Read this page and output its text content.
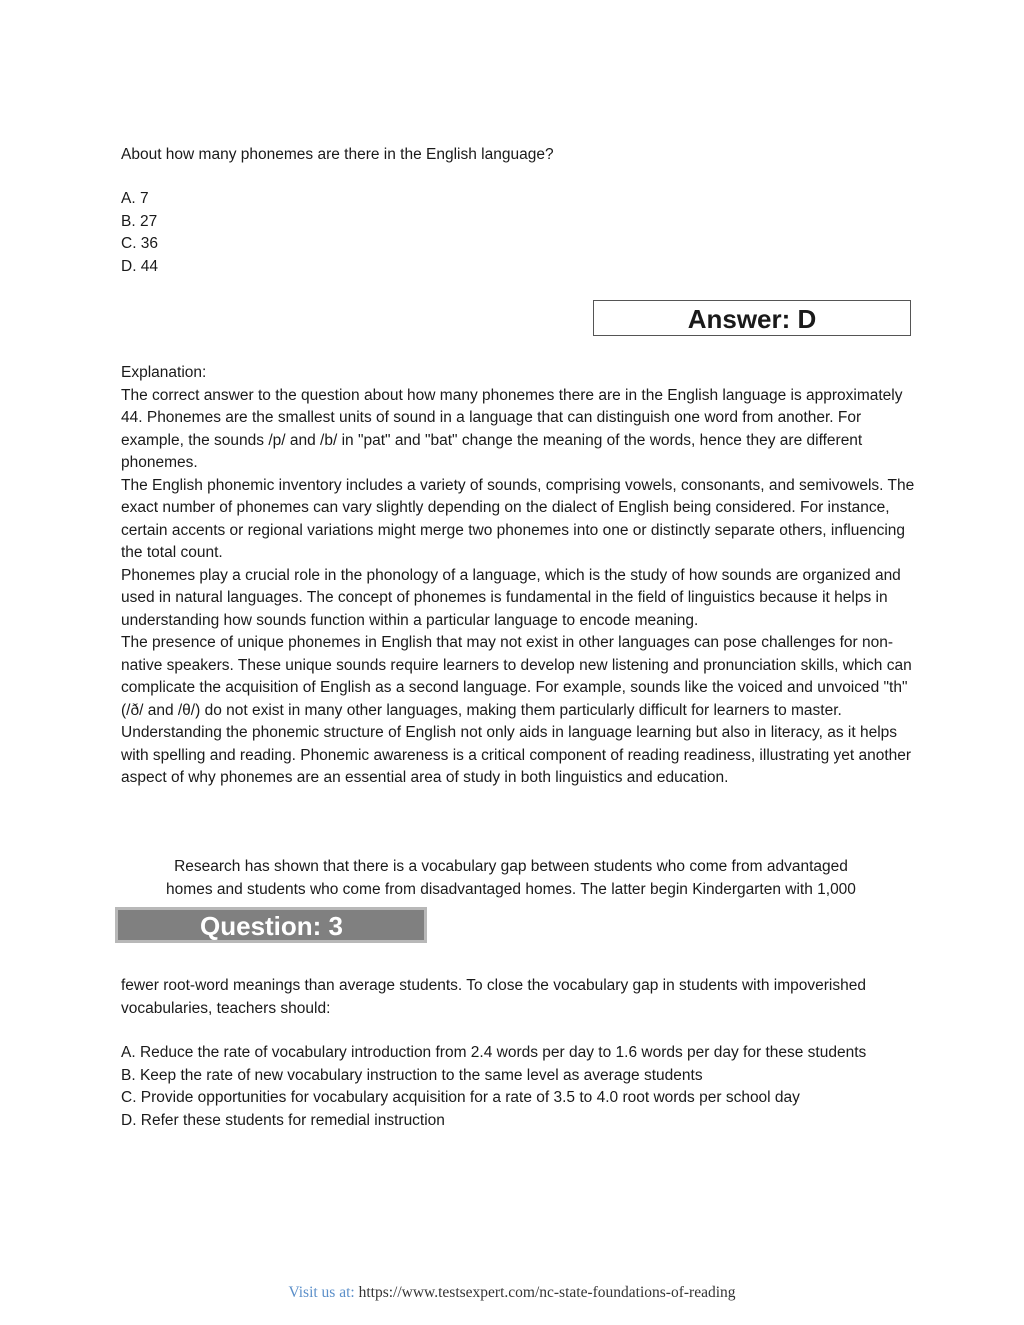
About how many phonemes are there in the English language?

A. 7

B. 27

C. 36

D. 44

Answer: D

Explanation:

The correct answer to the question about how many phonemes there are in the English language is approximately 44. Phonemes are the smallest units of sound in a language that can distinguish one word from another. For example, the sounds /p/ and /b/ in "pat" and "bat" change the meaning of the words, hence they are different phonemes.

The English phonemic inventory includes a variety of sounds, comprising vowels, consonants, and semivowels. The exact number of phonemes can vary slightly depending on the dialect of English being considered. For instance, certain accents or regional variations might merge two phonemes into one or distinctly separate others, influencing the total count.

Phonemes play a crucial role in the phonology of a language, which is the study of how sounds are organized and used in natural languages. The concept of phonemes is fundamental in the field of linguistics because it helps in understanding how sounds function within a particular language to encode meaning.

The presence of unique phonemes in English that may not exist in other languages can pose challenges for non-native speakers. These unique sounds require learners to develop new listening and pronunciation skills, which can complicate the acquisition of English as a second language. For example, sounds like the voiced and unvoiced "th" (/ð/ and /θ/) do not exist in many other languages, making them particularly difficult for learners to master.

Understanding the phonemic structure of English not only aids in language learning but also in literacy, as it helps with spelling and reading. Phonemic awareness is a critical component of reading readiness, illustrating yet another aspect of why phonemes are an essential area of study in both linguistics and education.

Research has shown that there is a vocabulary gap between students who come from advantaged
homes and students who come from disadvantaged homes. The latter begin Kindergarten with 1,000
Question: 3

fewer root-word meanings than average students. To close the vocabulary gap in students with impoverished vocabularies, teachers should:

A. Reduce the rate of vocabulary introduction from 2.4 words per day to 1.6 words per day for these students

B. Keep the rate of new vocabulary instruction to the same level as average students

C. Provide opportunities for vocabulary acquisition for a rate of 3.5 to 4.0 root words per school day

D. Refer these students for remedial instruction

Visit us at: https://www.testsexpert.com/nc-state-foundations-of-reading
